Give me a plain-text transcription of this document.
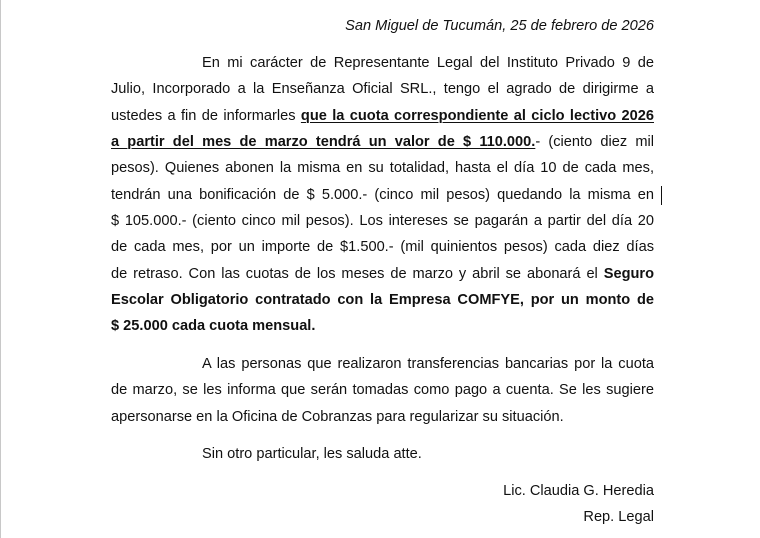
San Miguel de Tucumán, 25 de febrero de 2026
En mi carácter de Representante Legal del Instituto Privado 9 de
Julio, Incorporado a la Enseñanza Oficial SRL., tengo el agrado de dirigirme a
ustedes a fin de informarles que la cuota correspondiente al ciclo lectivo 2026
a partir del mes de marzo tendrá un valor de $ 110.000.- (ciento diez mil
pesos). Quienes abonen la misma en su totalidad, hasta el día 10 de cada mes,
tendrán una bonificación de $ 5.000.- (cinco mil pesos) quedando la misma en
$ 105.000.- (ciento cinco mil pesos). Los intereses se pagarán a partir del día 20
de cada mes, por un importe de $1.500.- (mil quinientos pesos) cada diez días
de retraso. Con las cuotas de los meses de marzo y abril se abonará el Seguro
Escolar Obligatorio contratado con la Empresa COMFYE, por un monto de
$ 25.000 cada cuota mensual.
A las personas que realizaron transferencias bancarias por la cuota
de marzo, se les informa que serán tomadas como pago a cuenta. Se les sugiere
apersonarse en la Oficina de Cobranzas para regularizar su situación.
Sin otro particular, les saluda atte.
Lic. Claudia G. Heredia
Rep. Legal
